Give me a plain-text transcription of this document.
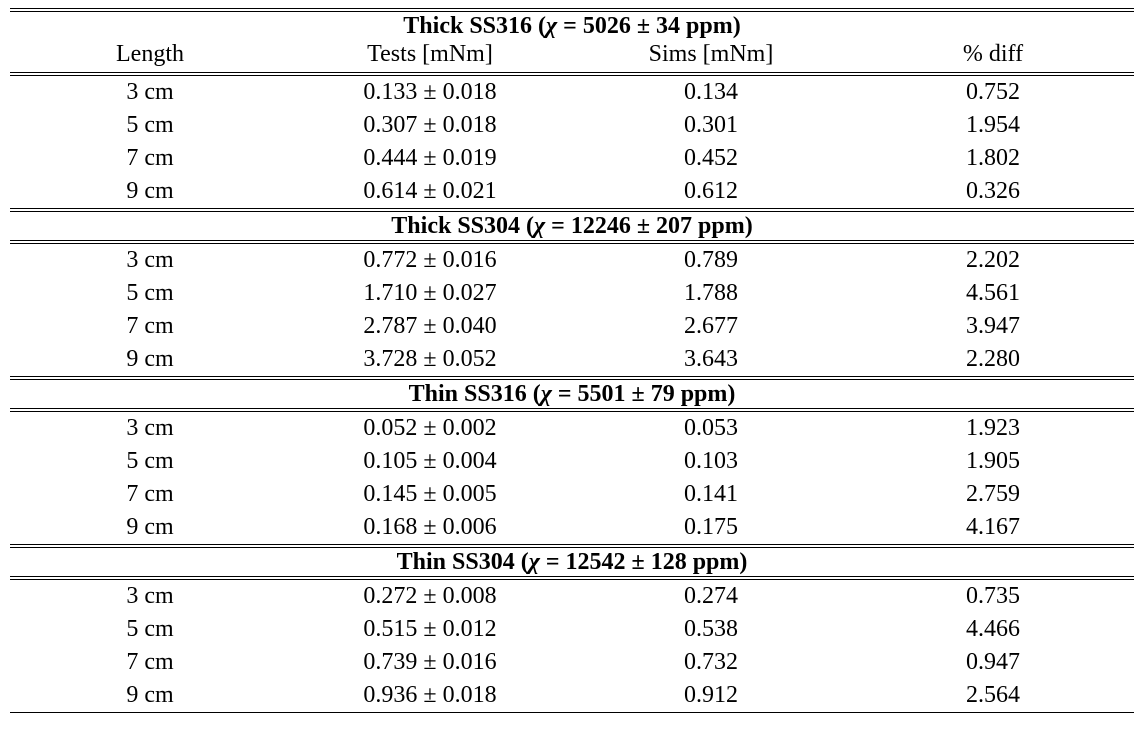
Thick SS316 (χ = 5026 ± 34 ppm)
Length	Tests [mNm]	Sims [mNm]	% diff
3 cm	0.133 ± 0.018	0.134	0.752
5 cm	0.307 ± 0.018	0.301	1.954
7 cm	0.444 ± 0.019	0.452	1.802
9 cm	0.614 ± 0.021	0.612	0.326
Thick SS304 (χ = 12246 ± 207 ppm)
3 cm	0.772 ± 0.016	0.789	2.202
5 cm	1.710 ± 0.027	1.788	4.561
7 cm	2.787 ± 0.040	2.677	3.947
9 cm	3.728 ± 0.052	3.643	2.280
Thin SS316 (χ = 5501 ± 79 ppm)
3 cm	0.052 ± 0.002	0.053	1.923
5 cm	0.105 ± 0.004	0.103	1.905
7 cm	0.145 ± 0.005	0.141	2.759
9 cm	0.168 ± 0.006	0.175	4.167
Thin SS304 (χ = 12542 ± 128 ppm)
3 cm	0.272 ± 0.008	0.274	0.735
5 cm	0.515 ± 0.012	0.538	4.466
7 cm	0.739 ± 0.016	0.732	0.947
9 cm	0.936 ± 0.018	0.912	2.564
